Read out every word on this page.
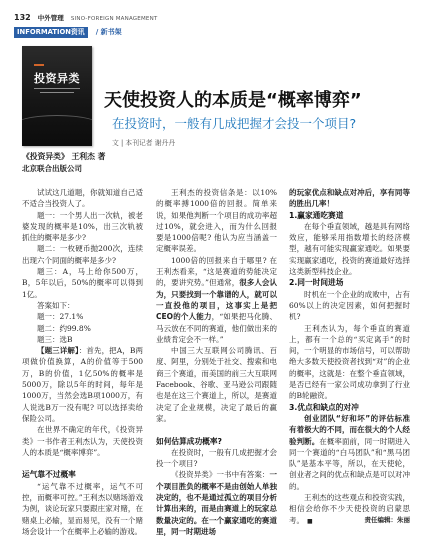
132 中外管理 SINO-FOREIGN MANAGEMENT
INFORMATION资讯 / 新书架
投资异类
《投资异类》 王利杰 著
北京联合出版公司
天使投资人的本质是“概率博弈”
在投资时，一般有几成把握才会投一个项目?
文 | 本刊记者 谢丹丹

试试这几道题，你就知道自己适不适合当投资人了。

题一：一个男人出一次轨，被老婆发现的概率是10%，出三次轨被抓住的概率是多少?

题二：一枚硬币抛200次，连续出现六个同面的概率是多少?

题三：A，马上给你500万，B，5年以后，50%的概率可以得到1亿。

答案如下：

题一：27.1%

题二：约99.8%

题三：选B

【题三详解】：首先，把A，B两项做价值换算，A的价值等于500万，B的价值，1亿50%的概率是5000万，除以5年的时间，每年是1000万，当然会选B项1000万，有人说选B万一没有呢? 可以选择卖给保险公司。

在世界不确定的年代，《投资异类》一书作者王利杰认为，天使投资人的本质是“概率博弈”。

运气靠不过概率

“运气靠不过概率，运气不可控，而概率可控。”王利杰以赌场游戏为例，谈论玩家只要跟庄家对赌，在赌桌上必输，显而易见，没有一个赌场会设计一个在概率上必输的游戏。

王利杰的投资信条是：以10%的概率搏1000倍的回报。简单来说，如果他判断一个项目的成功率超过10%，就会进入，而为什么回报要是1000倍呢? 他认为应当涵盖一定概率误差。

1000倍的回报来自于哪里? 在王利杰看来，“这是赛道的势能决定的，要讲究势。”但通常，很多人会认为，只要找到一个靠谱的人，就可以一直投他的项目，这事实上是把CEO的个人能力，“如果把马化腾、马云放在不同的赛道，他们做出来的业绩肯定会不一样。”

中国三大互联网公司腾讯、百度、阿里，分别处于社交、搜索和电商三个赛道，而美国的前三大互联网Facebook、谷歌、亚马逊公司跟随也是在这三个赛道上，所以，是赛道决定了企业规模，决定了最后的赢家。

如何估算成功概率?

在投资时，一般有几成把握才会投一个项目?

《投资异类》一书中有答案：一个项目胜负的概率不是由创始人单独决定的，也不是通过孤立的项目分析计算出来的，而是由赛道上的玩家总数量决定的。在一个赢家通吃的赛道里，同一时期进场

的玩家优点和缺点对冲后，享有同等的胜出几率！

1.赢家通吃赛道

在每个垂直领域，越是具有网络效应，能够采用指数增长的经济模型，越有可能实现赢家通吃。如果要实现赢家通吃，投资的赛道最好选择这类新型科技企业。

2.同一时间进场

时机在一个企业的成败中，占有60%以上的决定因素，如何把握时机?

王利杰认为，每个垂直的赛道上，都有一个总的“买定离手”的时间，一个明显的市场信号，可以帮助绝大多数天使投资者找到“对”的企业的概率，这就是：在整个垂直领域，是否已经有一家公司成功拿到了行业的B轮融资。

3.优点和缺点的对冲

创业团队“好和坏”的评估标准有着极大的不同，而在很大的个人经验判断。在概率面前，同一时期进入同一个赛道的“白马团队”和“黑马团队”是基本平等，所以，在天使轮，创业者之间的优点和缺点是可以对冲的。

王利杰的这些观点和投资实践，相信会给你不少天使投资的启蒙思考。 ■	责任编辑：朱丽
